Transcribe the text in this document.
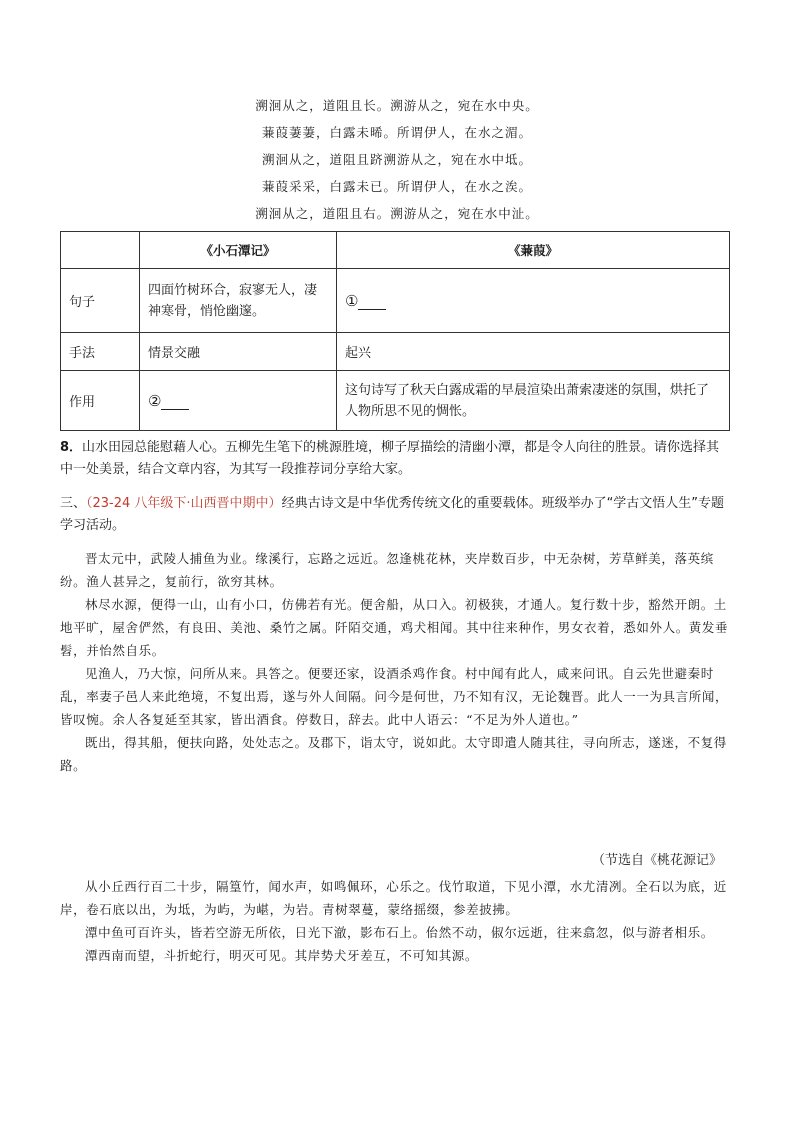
溯洄从之，道阻且长。溯游从之，宛在水中央。
蒹葭萋萋，白露未晞。所谓伊人，在水之湄。
溯洄从之，道阻且跻溯游从之，宛在水中坻。
蒹葭采采，白露未已。所谓伊人，在水之涘。
溯洄从之，道阻且右。溯游从之，宛在水中沚。
	《小石潭记》	《蒹葭》
句子	四面竹树环合，寂寥无人，凄神寒骨，悄怆幽邃。	①
手法	情景交融	起兴
作用	②	这句诗写了秋天白露成霜的早晨渲染出萧索凄迷的氛围，烘托了人物所思不见的惆怅。
8．山水田园总能慰藉人心。五柳先生笔下的桃源胜境，柳子厚描绘的清幽小潭，都是令人向往的胜景。请你选择其中一处美景，结合文章内容，为其写一段推荐词分享给大家。
三、（23-24 八年级下·山西晋中期中）经典古诗文是中华优秀传统文化的重要载体。班级举办了“学古文悟人生”专题学习活动。

晋太元中，武陵人捕鱼为业。缘溪行，忘路之远近。忽逢桃花林，夹岸数百步，中无杂树，芳草鲜美，落英缤纷。渔人甚异之，复前行，欲穷其林。

林尽水源，便得一山，山有小口，仿佛若有光。便舍船，从口入。初极狭，才通人。复行数十步，豁然开朗。土地平旷，屋舍俨然，有良田、美池、桑竹之属。阡陌交通，鸡犬相闻。其中往来种作，男女衣着，悉如外人。黄发垂髫，并怡然自乐。

见渔人，乃大惊，问所从来。具答之。便要还家，设酒杀鸡作食。村中闻有此人，咸来问讯。自云先世避秦时乱，率妻子邑人来此绝境，不复出焉，遂与外人间隔。问今是何世，乃不知有汉，无论魏晋。此人一一为具言所闻，皆叹惋。余人各复延至其家，皆出酒食。停数日，辞去。此中人语云：“不足为外人道也。”

既出，得其船，便扶向路，处处志之。及郡下，诣太守，说如此。太守即遣人随其往，寻向所志，遂迷，不复得路。

（节选自《桃花源记》

从小丘西行百二十步，隔篁竹，闻水声，如鸣佩环，心乐之。伐竹取道，下见小潭，水尤清冽。全石以为底，近岸，卷石底以出，为坻，为屿，为嵁，为岩。青树翠蔓，蒙络摇缀，参差披拂。

潭中鱼可百许头，皆若空游无所依，日光下澈，影布石上。佁然不动，俶尔远逝，往来翕忽，似与游者相乐。

潭西南而望，斗折蛇行，明灭可见。其岸势犬牙差互，不可知其源。
